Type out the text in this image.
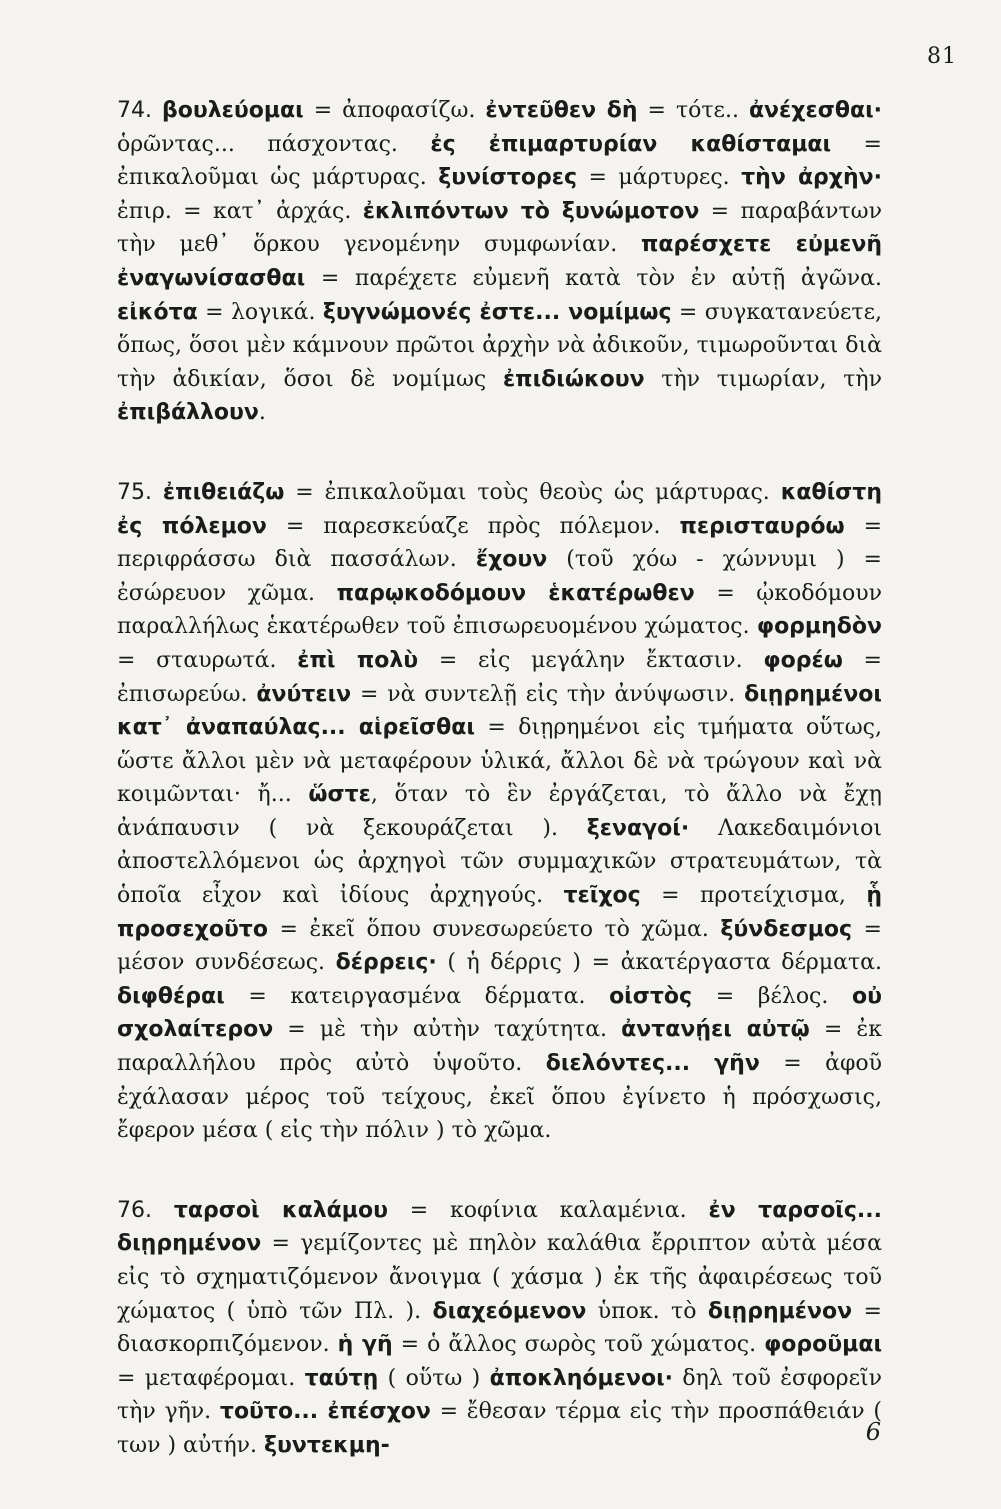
81

74. βουλεύομαι = ἀποφασίζω. ἐντεῦθεν δὴ = τότε.. ἀνέχεσθαι· ὁρῶντας... πάσχοντας. ἐς ἐπιμαρτυρίαν καθίσταμαι = ἐπικαλοῦμαι ὡς μάρτυρας. ξυνίστορες = μάρτυρες. τὴν ἀρχὴν· ἐπιρ. = κατ᾽ ἀρχάς. ἐκλιπόντων τὸ ξυνώμοτον = παραβάντων τὴν μεθ᾽ ὅρκου γενομένην συμφωνίαν. παρέσχετε εὐμενῆ ἐναγωνίσασθαι = παρέχετε εὐμενῆ κατὰ τὸν ἐν αὐτῇ ἀγῶνα. εἰκότα = λογικά. ξυγνώμονές ἐστε... νομίμως = συγκατανεύετε, ὅπως, ὅσοι μὲν κάμνουν πρῶτοι ἀρχὴν νὰ ἀδικοῦν, τιμωροῦνται διὰ τὴν ἀδικίαν, ὅσοι δὲ νομίμως ἐπιδιώκουν τὴν τιμωρίαν, τὴν ἐπιβάλλουν.

75. ἐπιθειάζω = ἐπικαλοῦμαι τοὺς θεοὺς ὡς μάρτυρας. καθίστη ἐς πόλεμον = παρεσκεύαζε πρὸς πόλεμον. περισταυρόω = περιφράσσω διὰ πασσάλων. ἔχουν (τοῦ χόω - χώννυμι ) = ἐσώρευον χῶμα. παρῳκοδόμουν ἑκατέρωθεν = ᾠκοδόμουν παραλλήλως ἑκατέρωθεν τοῦ ἐπισωρευομένου χώματος. φορμηδὸν = σταυρωτά. ἐπὶ πολὺ = εἰς μεγάλην ἔκτασιν. φορέω = ἐπισωρεύω. ἀνύτειν = νὰ συντελῇ εἰς τὴν ἀνύψωσιν. διῃρημένοι κατ᾽ ἀναπαύλας... αἱρεῖσθαι = διῃρημένοι εἰς τμήματα οὕτως, ὥστε ἄλλοι μὲν νὰ μεταφέρουν ὑλικά, ἄλλοι δὲ νὰ τρώγουν καὶ νὰ κοιμῶνται· ἤ... ὥστε, ὅταν τὸ ἓν ἐργάζεται, τὸ ἄλλο νὰ ἔχῃ ἀνάπαυσιν ( νὰ ξεκουράζεται ). ξεναγοί· Λακεδαιμόνιοι ἀποστελλόμενοι ὡς ἀρχηγοὶ τῶν συμμαχικῶν στρατευμάτων, τὰ ὁποῖα εἶχον καὶ ἰδίους ἀρχηγούς. τεῖχος = προτείχισμα, ᾗ προσεχοῦτο = ἐκεῖ ὅπου συνεσωρεύετο τὸ χῶμα. ξύνδεσμος = μέσον συνδέσεως. δέρρεις· ( ἡ δέρρις ) = ἀκατέργαστα δέρματα. διφθέραι = κατειργασμένα δέρματα. οἰστὸς = βέλος. οὐ σχολαίτερον = μὲ τὴν αὐτὴν ταχύτητα. ἀντανῄει αὐτῷ = ἐκ παραλλήλου πρὸς αὐτὸ ὑψοῦτο. διελόντες... γῆν = ἀφοῦ ἐχάλασαν μέρος τοῦ τείχους, ἐκεῖ ὅπου ἐγίνετο ἡ πρόσχωσις, ἔφερον μέσα ( εἰς τὴν πόλιν ) τὸ χῶμα.

76. ταρσοὶ καλάμου = κοφίνια καλαμένια. ἐν ταρσοῖς... διῃρημένον = γεμίζοντες μὲ πηλὸν καλάθια ἔρριπτον αὐτὰ μέσα εἰς τὸ σχηματιζόμενον ἄνοιγμα ( χάσμα ) ἐκ τῆς ἀφαιρέσεως τοῦ χώματος ( ὑπὸ τῶν Πλ. ). διαχεόμενον ὑποκ. τὸ διῃρημένον = διασκορπιζόμενον. ἡ γῆ = ὁ ἄλλος σωρὸς τοῦ χώματος. φοροῦμαι = μεταφέρομαι. ταύτῃ ( οὕτω ) ἀποκληόμενοι· δηλ τοῦ ἐσφορεῖν τὴν γῆν. τοῦτο... ἐπέσχον = ἔθεσαν τέρμα εἰς τὴν προσπάθειάν ( των ) αὐτήν. ξυντεκμη-	6
